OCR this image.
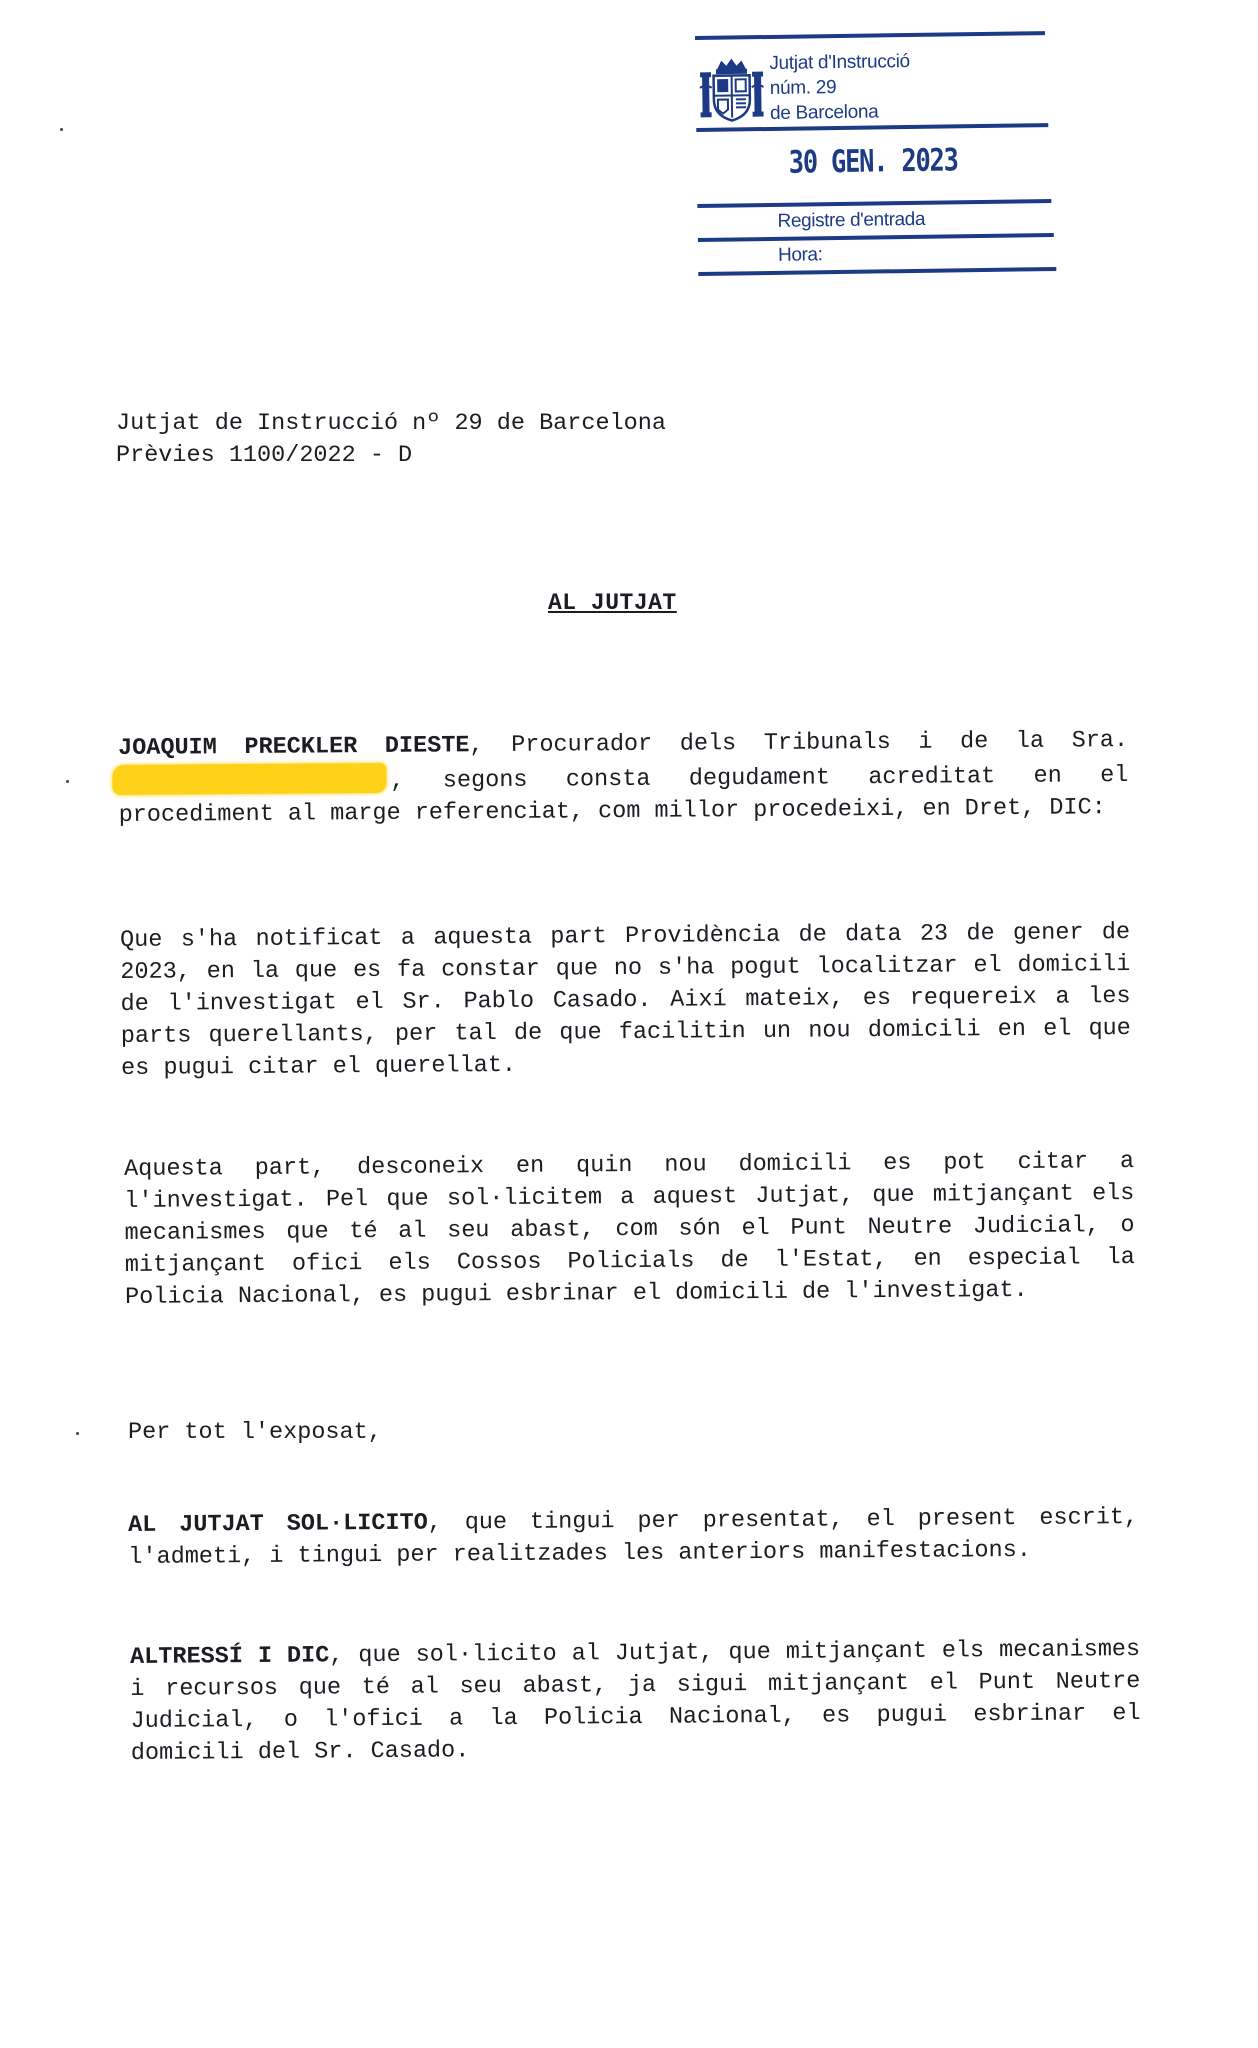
Jutjat d'Instrucció
núm. 29
de Barcelona
30 GEN. 2023
Registre d'entrada
Hora:
Jutjat de Instrucció nº 29 de Barcelona
Prèvies 1100/2022 - D
AL JUTJAT

JOAQUIM PRECKLER DIESTE, Procurador dels Tribunals i de la Sra. , segons consta degudament acreditat en el procediment al marge referenciat, com millor procedeixi, en Dret, DIC:

Que s'ha notificat a aquesta part Providència de data 23 de gener de 2023, en la que es fa constar que no s'ha pogut localitzar el domicili de l'investigat el Sr. Pablo Casado. Així mateix, es requereix a les parts querellants, per tal de que facilitin un nou domicili en el que es pugui citar el querellat.

Aquesta part, desconeix en quin nou domicili es pot citar a l'investigat. Pel que sol·licitem a aquest Jutjat, que mitjançant els mecanismes que té al seu abast, com són el Punt Neutre Judicial, o mitjançant ofici els Cossos Policials de l'Estat, en especial la Policia Nacional, es pugui esbrinar el domicili de l'investigat.

Per tot l'exposat,

AL JUTJAT SOL·LICITO, que tingui per presentat, el present escrit, l'admeti, i tingui per realitzades les anteriors manifestacions.

ALTRESSÍ I DIC, que sol·licito al Jutjat, que mitjançant els mecanismes i recursos que té al seu abast, ja sigui mitjançant el Punt Neutre Judicial, o l'ofici a la Policia Nacional, es pugui esbrinar el domicili del Sr. Casado.
